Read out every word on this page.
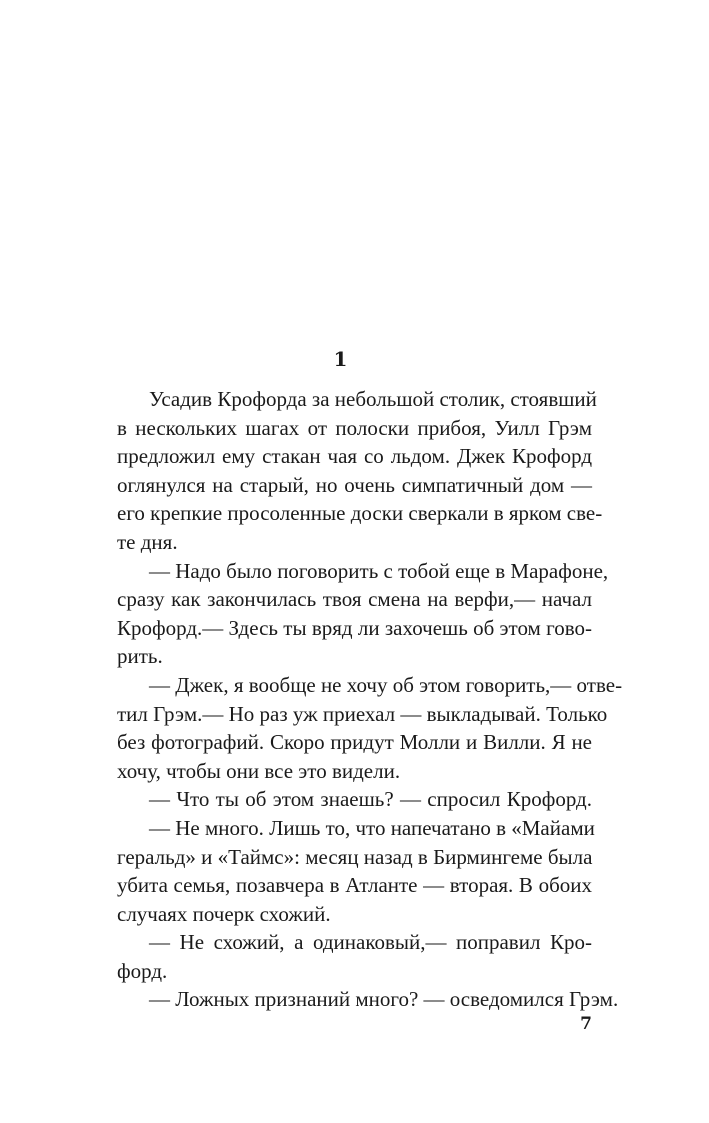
1
Усадив Крофорда за небольшой столик, стоявший
в нескольких шагах от полоски прибоя, Уилл Грэм
предложил ему стакан чая со льдом. Джек Крофорд
оглянулся на старый, но очень симпатичный дом —
его крепкие просоленные доски сверкали в ярком све-
те дня.
— Надо было поговорить с тобой еще в Марафоне,
сразу как закончилась твоя смена на верфи,— начал
Крофорд.— Здесь ты вряд ли захочешь об этом гово-
рить.
— Джек, я вообще не хочу об этом говорить,— отве-
тил Грэм.— Но раз уж приехал — выкладывай. Только
без фотографий. Скоро придут Молли и Вилли. Я не
хочу, чтобы они все это видели.
— Что ты об этом знаешь? — спросил Крофорд.
— Не много. Лишь то, что напечатано в «Майами
геральд» и «Таймс»: месяц назад в Бирмингеме была
убита семья, позавчера в Атланте — вторая. В обоих
случаях почерк схожий.
— Не схожий, а одинаковый,— поправил Кро-
форд.
— Ложных признаний много? — осведомился Грэм.
7
